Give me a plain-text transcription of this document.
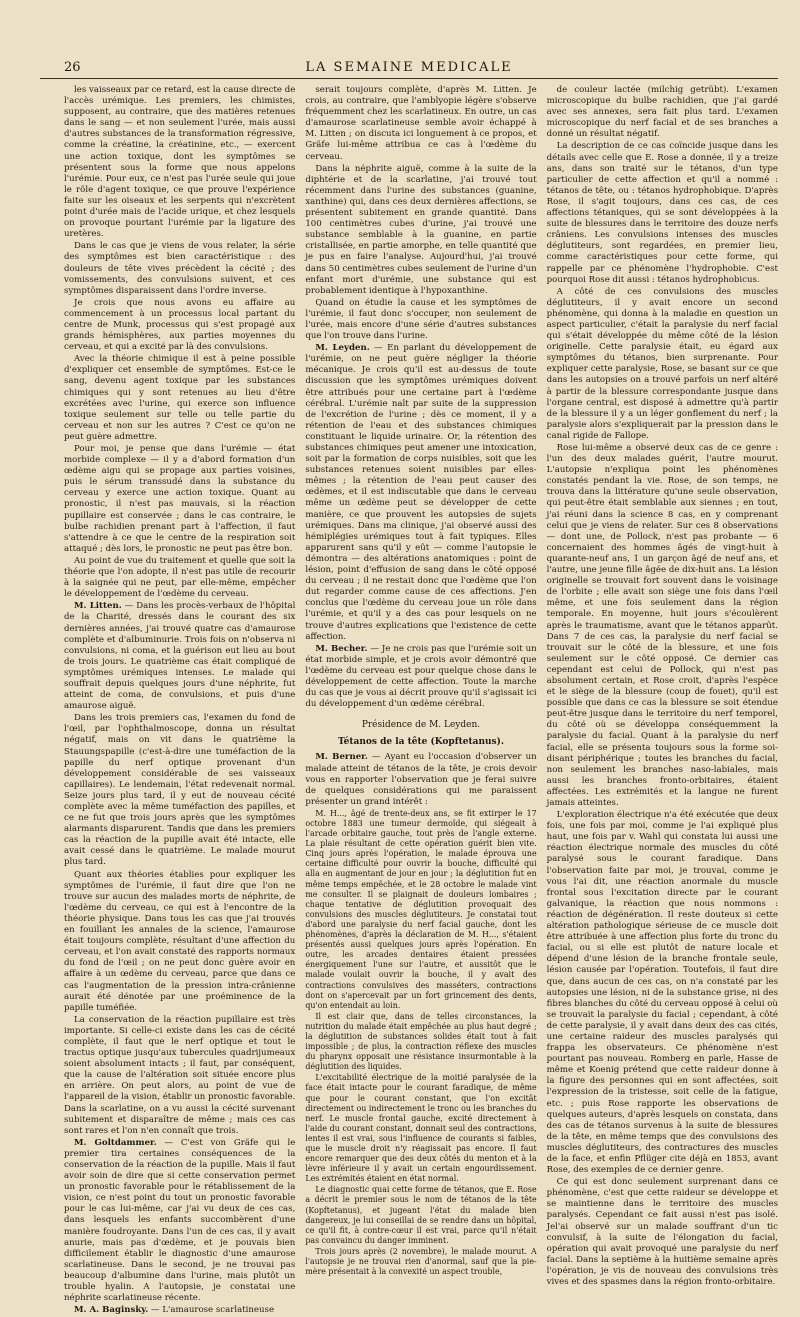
26	LA SEMAINE MEDICALE

les vaisseaux par ce retard, est la cause directe de l'accès urémique. Les premiers, les chimistes, supposent, au contraire, que des matières retenues dans le sang — et non seulement l'urée, mais aussi d'autres substances de la transformation régressive, comme la créatine, la créatinine, etc., — exercent une action toxique, dont les symptômes se présentent sous la forme que nous appelons l'urémie. Pour eux, ce n'est pas l'urée seule qui joue le rôle d'agent toxique, ce que prouve l'expérience faite sur les oiseaux et les serpents qui n'excrètent point d'urée mais de l'acide urique, et chez lesquels on provoque pourtant l'urémie par la ligature des uretères.

Dans le cas que je viens de vous relater, la série des symptômes est bien caractéristique : des douleurs de tête vives précèdent la cécité ; des vomissements, des convulsions suivent, et ces symptômes disparaissent dans l'ordre inverse.

Je crois que nous avons eu affaire au commencement à un processus local partant du centre de Munk, processus qui s'est propagé aux grands hémisphères, aux parties moyennes du cerveau, et qui a excité par là des convulsions.

Avec la théorie chimique il est à peine possible d'expliquer cet ensemble de symptômes. Est-ce le sang, devenu agent toxique par les substances chimiques qui y sont retenues au lieu d'être excrétées avec l'urine, qui exerce son influence toxique seulement sur telle ou telle partie du cerveau et non sur les autres ? C'est ce qu'on ne peut guère admettre.

Pour moi, je pense que dans l'urémie — état morbide complexe — il y a d'abord formation d'un œdème aigu qui se propage aux parties voisines, puis le sérum transsudé dans la substance du cerveau y exerce une action toxique. Quant au pronostic, il n'est pas mauvais, si la réaction pupillaire est conservée ; dans le cas contraire, le bulbe rachidien prenant part à l'affection, il faut s'attendre à ce que le centre de la respiration soit attaqué ; dès lors, le pronostic ne peut pas être bon.

Au point de vue du traitement et quelle que soit la théorie que l'on adopte, il n'est pas utile de recourir à la saignée qui ne peut, par elle-même, empêcher le développement de l'œdème du cerveau.

M. Litten. — Dans les procès-verbaux de l'hôpital de la Charité, dressés dans le courant des six dernières années, j'ai trouvé quatre cas d'amaurose complète et d'albuminurie. Trois fois on n'observa ni convulsions, ni coma, et la guérison eut lieu au bout de trois jours. Le quatrième cas était compliqué de symptômes urémiques intenses. Le malade qui souffrait depuis quelques jours d'une néphrite, fut atteint de coma, de convulsions, et puis d'une amaurose aiguë.

Dans les trois premiers cas, l'examen du fond de l'œil, par l'ophthalmoscope, donna un résultat négatif, mais on vit dans le quatrième la Stauungspapille (c'est-à-dire une tuméfaction de la papille du nerf optique provenant d'un développement considérable de ses vaisseaux capillaires). Le lendemain, l'état redevenait normal. Seize jours plus tard, il y eut de nouveau cécité complète avec la même tuméfaction des papilles, et ce ne fut que trois jours après que les symptômes alarmants disparurent. Tandis que dans les premiers cas la réaction de la pupille avait été intacte, elle avait cessé dans le quatrième. Le malade mourut plus tard.

Quant aux théories établies pour expliquer les symptômes de l'urémie, il faut dire que l'on ne trouve sur aucun des malades morts de néphrite, de l'œdème du cerveau, ce qui est à l'encontre de la théorie physique. Dans tous les cas que j'ai trouvés en fouillant les annales de la science, l'amaurose était toujours complète, résultant d'une affection du cerveau, et l'on avait constaté des rapports normaux du fond de l'œil ; on ne peut donc guère avoir en affaire à un œdème du cerveau, parce que dans ce cas l'augmentation de la pression intra-crânienne aurait été dénotée par une proéminence de la papille tuméfiée.

La conservation de la réaction pupillaire est très importante. Si celle-ci existe dans les cas de cécité complète, il faut que le nerf optique et tout le tractus optique jusqu'aux tubercules quadrijumeaux soient absolument intacts ; il faut, par conséquent, que la cause de l'altération soit située encore plus en arrière. On peut alors, au point de vue de l'appareil de la vision, établir un pronostic favorable. Dans la scarlatine, on a vu aussi la cécité survenant subitement et disparaître de même ; mais ces cas sont rares et l'on n'en connaît que trois.

M. Goltdammer. — C'est von Gräfe qui le premier tira certaines conséquences de la conservation de la réaction de la pupille. Mais il faut avoir soin de dire que si cette conservation permet un pronostic favorable pour le rétablissement de la vision, ce n'est point du tout un pronostic favorable pour le cas lui-même, car j'ai vu deux de ces cas, dans lesquels les enfants succombèrent d'une manière foudroyante. Dans l'un de ces cas, il y avait anurie, mais pas d'œdème, et je pouvais bien difficilement établir le diagnostic d'une amaurose scarlatineuse. Dans le second, je ne trouvai pas beaucoup d'albumine dans l'urine, mais plutôt un trouble hyalin. A l'autopsie, je constatai une néphrite scarlatineuse récente.

M. A. Baginsky. — L'amaurose scarlatineuse

serait toujours complète, d'après M. Litten. Je crois, au contraire, que l'amblyopie légère s'observe fréquemment chez les scarlatineux. En outre, un cas d'amaurose scarlatineuse semble avoir échappé à M. Litten ; on discuta ici longuement à ce propos, et Gräfe lui-même attribua ce cas à l'œdème du cerveau.

Dans la néphrite aiguë, comme à la suite de la diphtérie et de la scarlatine, j'ai trouvé tout récemment dans l'urine des substances (guanine, xanthine) qui, dans ces deux dernières affections, se présentent subitement en grande quantité. Dans 100 centimètres cubes d'urine, j'ai trouvé une substance semblable à la guanine, en partie cristallisée, en partie amorphe, en telle quantité que je pus en faire l'analyse. Aujourd'hui, j'ai trouvé dans 50 centimètres cubes seulement de l'urine d'un enfant mort d'urémie, une substance qui est probablement identique à l'hypoxanthine.

Quand on étudie la cause et les symptômes de l'urémie, il faut donc s'occuper, non seulement de l'urée, mais encore d'une série d'autres substances que l'on trouve dans l'urine.

M. Leyden. — En parlant du développement de l'urémie, on ne peut guère négliger la théorie mécanique. Je crois qu'il est au-dessus de toute discussion que les symptômes urémiques doivent être attribués pour une certaine part à l'œdème cérébral. L'urémie naît par suite de la suppression de l'excrétion de l'urine ; dès ce moment, il y a rétention de l'eau et des substances chimiques constituant le liquide urinaire. Or, la rétention des substances chimiques peut amener une intoxication, soit par la formation de corps nuisibles, soit que les substances retenues soient nuisibles par elles-mêmes ; la rétention de l'eau peut causer des œdèmes, et il est indiscutable que dans le cerveau même un œdème peut se développer de cette manière, ce que prouvent les autopsies de sujets urémiques. Dans ma clinique, j'ai observé aussi des hémiplégies urémiques tout à fait typiques. Elles apparurent sans qu'il y eût — comme l'autopsie le démontra — des altérations anatomiques : point de lésion, point d'effusion de sang dans le côté opposé du cerveau ; il ne restait donc que l'œdème que l'on dut regarder comme cause de ces affections. J'en conclus que l'œdème du cerveau joue un rôle dans l'urémie, et qu'il y a des cas pour lesquels on ne trouve d'autres explications que l'existence de cette affection.

M. Becher. — Je ne crois pas que l'urémie soit un état morbide simple, et je crois avoir démontré que l'œdème du cerveau est pour quelque chose dans le développement de cette affection. Toute la marche du cas que je vous ai décrit prouve qu'il s'agissait ici du développement d'un œdème cérébral.

Présidence de M. Leyden.

Tétanos de la tête (Kopftetanus).

M. Berner. — Ayant eu l'occasion d'observer un malade atteint de tétanos de la tête, je crois devoir vous en rapporter l'observation que je ferai suivre de quelques considérations qui me paraissent présenter un grand intérêt :

M. H..., âgé de trente-deux ans, se fit extirper le 17 octobre 1883 une tumeur dermoïde, qui siégeait à l'arcade orbitaire gauche, tout près de l'angle externe. La plaie résultant de cette opération guérit bien vite. Cinq jours après l'opération, le malade éprouva une certaine difficulté pour ouvrir la bouche, difficulté qui alla en augmentant de jour en jour ; la déglutition fut en même temps empêchée, et le 28 octobre le malade vint me consulter. Il se plaignait de douleurs lombaires ; chaque tentative de déglutition provoquait des convulsions des muscles déglutiteurs. Je constatai tout d'abord une paralysie du nerf facial gauche, dont les phénomènes, d'après la déclaration de M. H..., s'étaient présentés aussi quelques jours après l'opération. En outre, les arcades dentaires étaient pressées énergiquement l'une sur l'autre, et aussitôt que le malade voulait ouvrir la bouche, il y avait des contractions convulsives des masséters, contractions dont on s'apercevait par un fort grincement des dents, qu'on entendait au loin.

Il est clair que, dans de telles circonstances, la nutrition du malade était empêchée au plus haut degré ; la déglutition de substances solides était tout à fait impossible ; de plus, la contraction réflexe des muscles du pharynx opposait une résistance insurmontable à la déglutition des liquides.

L'excitabilité électrique de la moitié paralysée de la face était intacte pour le courant faradique, de même que pour le courant constant, que l'on excitât directement ou indirectement le tronc ou les branches du nerf. Le muscle frontal gauche, excité directement à l'aide du courant constant, donnait seul des contractions, lentes il est vrai, sous l'influence de courants si faibles, que le muscle droit n'y réagissait pas encore. Il faut encore remarquer que des deux côtés du menton et à la lèvre inférieure il y avait un certain engourdissement. Les extrémités étaient en état normal.

Le diagnostic quai cette forme de tétanos, que E. Rose a décrit le premier sous le nom de tétanos de la tête (Kopftetanus), et jugeant l'état du malade bien dangereux, je lui conseillai de se rendre dans un hôpital, ce qu'il fit, à contre-cœur il est vrai, parce qu'il n'était pas convaincu du danger imminent.

Trois jours après (2 novembre), le malade mourut. A l'autopsie je ne trouvai rien d'anormal, sauf que la pie-mère présentait à la convexité un aspect trouble,

de couleur lactée (milchig getrübt). L'examen microscopique du bulbe rachidien, que j'ai gardé avec ses annexes, sera fait plus tard. L'examen microscopique du nerf facial et de ses branches a donné un résultat négatif.

La description de ce cas coïncide jusque dans les détails avec celle que E. Rose a donnée, il y a treize ans, dans son traité sur le tétanos, d'un type particulier de cette affection et qu'il a nommé : tétanos de tête, ou : tétanos hydrophobique. D'après Rose, il s'agit toujours, dans ces cas, de ces affections tétaniques, qui se sont développées à la suite de blessures dans le territoire des douze nerfs crâniens. Les convulsions intenses des muscles déglutiteurs, sont regardées, en premier lieu, comme caractéristiques pour cette forme, qui rappelle par ce phénomène l'hydrophobie. C'est pourquoi Rose dit aussi : tétanos hydrophobicus.

A côté de ces convulsions des muscles déglutiteurs, il y avait encore un second phénomène, qui donna à la maladie en question un aspect particulier, c'était la paralysie du nerf facial qui s'était développée du même côté de la lésion originelle. Cette paralysie était, eu égard aux symptômes du tétanos, bien surprenante. Pour expliquer cette paralysie, Rose, se basant sur ce que dans les autopsies on a trouvé parfois un nerf altéré à partir de la blessure correspondante jusque dans l'organe central, est disposé à admettre qu'à partir de la blessure il y a un léger gonflement du nerf ; la paralysie alors s'expliquerait par la pression dans le canal rigide de Fallope.

Rose lui-même a observé deux cas de ce genre : l'un des deux malades guérit, l'autre mourut. L'autopsie n'expliqua point les phénomènes constatés pendant la vie. Rose, de son temps, ne trouva dans la littérature qu'une seule observation, qui peut-être était semblable aux siennes ; en tout, j'ai réuni dans la science 8 cas, en y comprenant celui que je viens de relater. Sur ces 8 observations — dont une, de Pollock, n'est pas probante — 6 concernaient des hommes âgés de vingt-huit à quarante-neuf ans, 1 un garçon âgé de neuf ans, et l'autre, une jeune fille âgée de dix-huit ans. La lésion originelle se trouvait fort souvent dans le voisinage de l'orbite ; elle avait son siège une fois dans l'œil même, et une fois seulement dans la région temporale. En moyenne, huit jours s'écoulèrent après le traumatisme, avant que le tétanos apparût. Dans 7 de ces cas, la paralysie du nerf facial se trouvait sur le côté de la blessure, et une fois seulement sur le côté opposé. Ce dernier cas cependant est celui de Pollock, qui n'est pas absolument certain, et Rose croit, d'après l'espèce et le siège de la blessure (coup de fouet), qu'il est possible que dans ce cas la blessure se soit étendue peut-être jusque dans le territoire du nerf temporel, du côté où se développa conséquemment la paralysie du facial. Quant à la paralysie du nerf facial, elle se présenta toujours sous la forme soi-disant périphérique ; toutes les branches du facial, non seulement les branches naso-labiales, mais aussi les branches fronto-orbitaires, étaient affectées. Les extrémités et la langue ne furent jamais atteintes.

L'exploration électrique n'a été exécutée que deux fois, une fois par moi, comme je l'ai expliqué plus haut, une fois par v. Wahl qui constata lui aussi une réaction électrique normale des muscles du côté paralysé sous le courant faradique. Dans l'observation faite par moi, je trouvai, comme je vous l'ai dit, une réaction anormale du muscle frontal sous l'excitation directe par le courant galvanique, la réaction que nous nommons : réaction de dégénération. Il reste douteux si cette altération pathologique sérieuse de ce muscle doit être attribuée à une affection plus forte du tronc du facial, ou si elle est plutôt de nature locale et dépend d'une lésion de la branche frontale seule, lésion causée par l'opération. Toutefois, il faut dire que, dans aucun de ces cas, on n'a constaté par les autopsies une lésion, ni de la substance grise, ni des fibres blanches du côté du cerveau opposé à celui où se trouvait la paralysie du facial ; cependant, à côté de cette paralysie, il y avait dans deux des cas cités, une certaine raideur des muscles paralysés qui frappa les observateurs. Ce phénomène n'est pourtant pas nouveau. Romberg en parle, Hasse de même et Koenig prétend que cette raideur donne à la figure des personnes qui en sont affectées, soit l'expression de la tristesse, soit celle de la fatigue, etc. ; puis Rose rapporte les observations de quelques auteurs, d'après lesquels on constata, dans des cas de tétanos survenus à la suite de blessures de la tête, en même temps que des convulsions des muscles déglutiteurs, des contractures des muscles de la face, et enfin Pflüger cite déjà en 1853, avant Rose, des exemples de ce dernier genre.

Ce qui est donc seulement surprenant dans ce phénomène, c'est que cette raideur se développe et se maintienne dans le territoire des muscles paralysés. Cependant ce fait aussi n'est pas isolé. Jel'ai observé sur un malade souffrant d'un tic convulsif, à la suite de l'élongation du facial, opération qui avait provoqué une paralysie du nerf facial. Dans la septième à la huitième semaine après l'opération, je vis de nouveau des convulsions très vives et des spasmes dans la région fronto-orbitaire.
